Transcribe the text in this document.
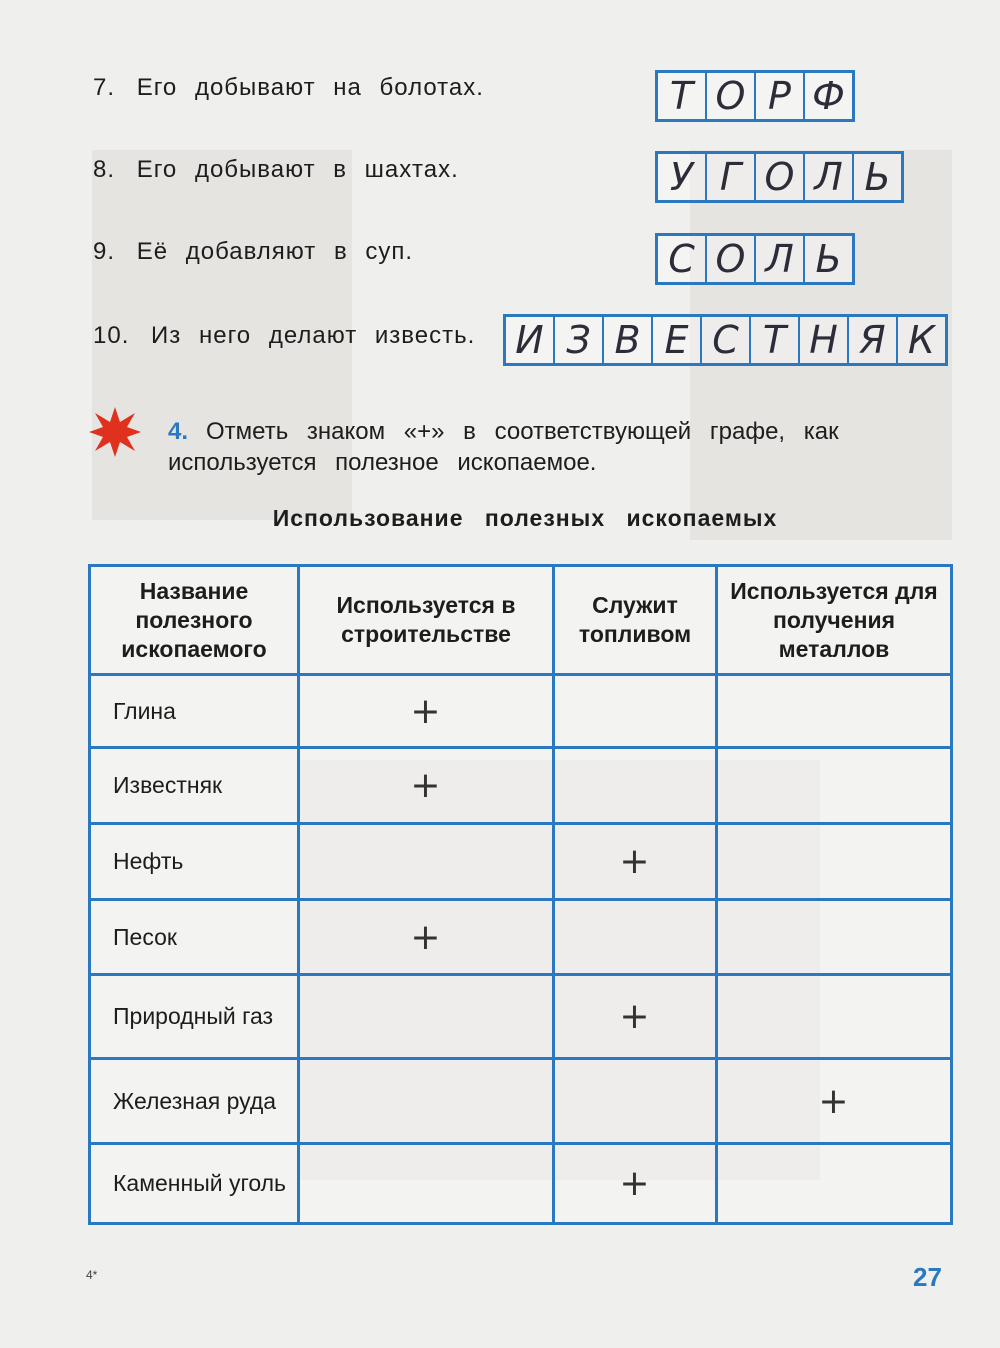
7. Его добывают на болотах.	Т О Р Ф
8. Его добывают в шахтах.	У Г О Л Ь
9. Её добавляют в суп.	С О Л Ь
10. Из него делают известь. И З В Е С Т Н Я К
4. Отметь знаком «+» в соответствующей графе, как используется полезное ископаемое.
Использование полезных ископаемых
Название полезного ископаемого	Используется в строительстве	Служит топливом	Используется для получения металлов
Глина	+		
Известняк	+		
Нефть		+	
Песок	+		
Природный газ		+	
Железная руда			+
Каменный уголь		+	
4*	27
